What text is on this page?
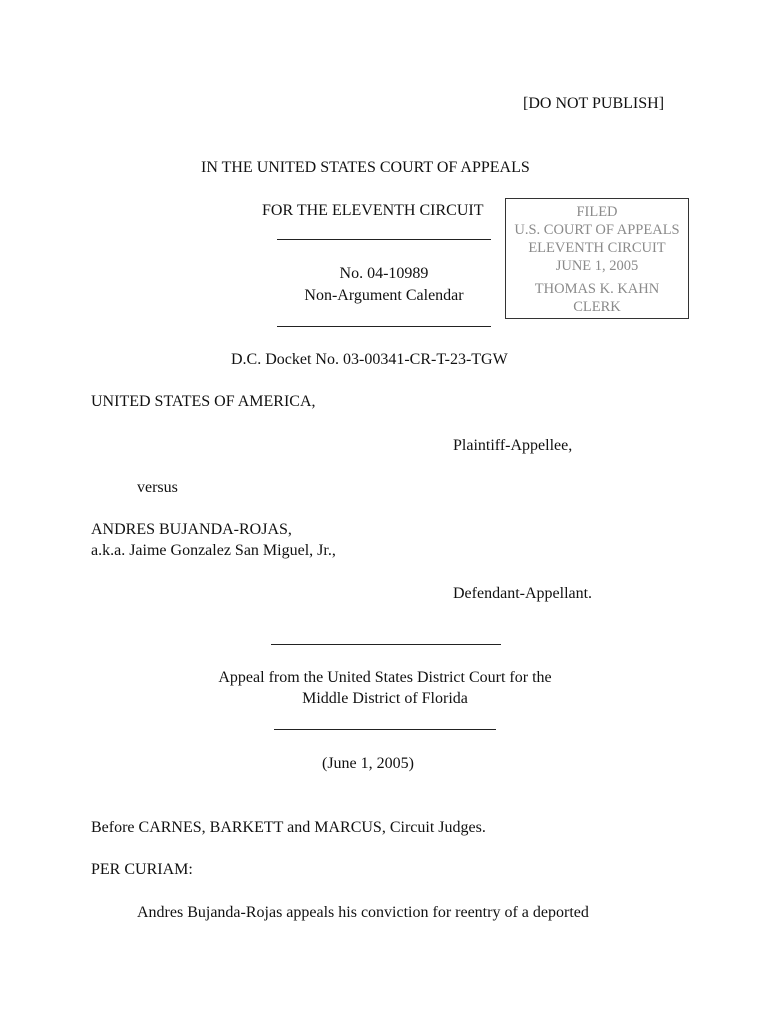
[DO NOT PUBLISH]
IN THE UNITED STATES COURT OF APPEALS
FOR THE ELEVENTH CIRCUIT
No. 04-10989
Non-Argument Calendar
FILED
U.S. COURT OF APPEALS
ELEVENTH CIRCUIT
JUNE 1, 2005
THOMAS K. KAHN
CLERK
D.C. Docket No. 03-00341-CR-T-23-TGW
UNITED STATES OF AMERICA,
Plaintiff-Appellee,
versus
ANDRES BUJANDA-ROJAS,
a.k.a. Jaime Gonzalez San Miguel, Jr.,
Defendant-Appellant.
Appeal from the United States District Court for the
Middle District of Florida
(June 1, 2005)
Before CARNES, BARKETT and MARCUS, Circuit Judges.
PER CURIAM:
Andres Bujanda-Rojas appeals his conviction for reentry of a deported
